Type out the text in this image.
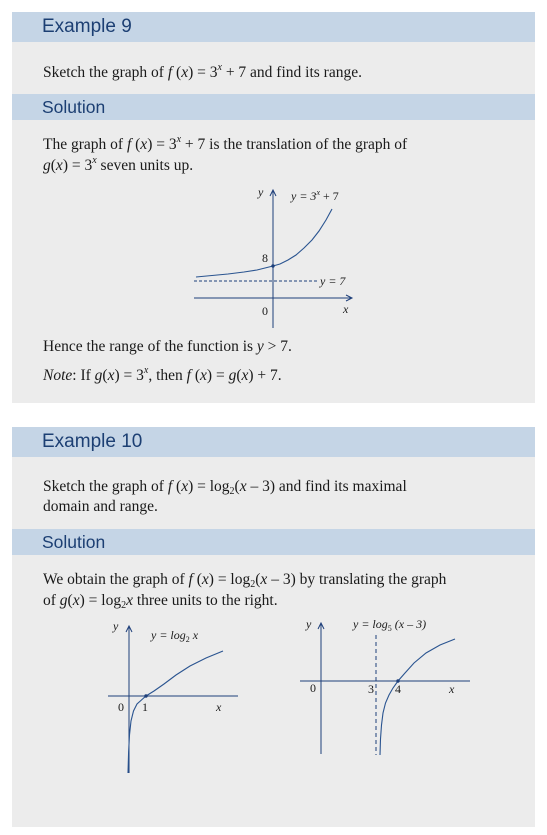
Example 9
Sketch the graph of f $(x) = 3^x + 7$ and find its range.
Solution
The graph of f $(x) = 3^x + 7$ is the translation of the graph of
$g(x) = 3^x$ seven units up.
y $y = 3^x + 7$
8
y = 7
0	x
Hence the range of the function is y > 7.
Note: If $g(x) = 3^x$, then f (x) = g(x) + 7.
Example 10
Sketch the graph of f $(x) = \log_2(x - 3)$ and find its maximal
domain and range.
Solution
We obtain the graph of f $(x) = \log_2(x - 3)$ by translating the graph
of $g(x) = \log_2x$ three units to the right.
y
$y = \log_2 x$
0 1	x
y	$y = \log_5 (x - 3)$
0	3 4	x
